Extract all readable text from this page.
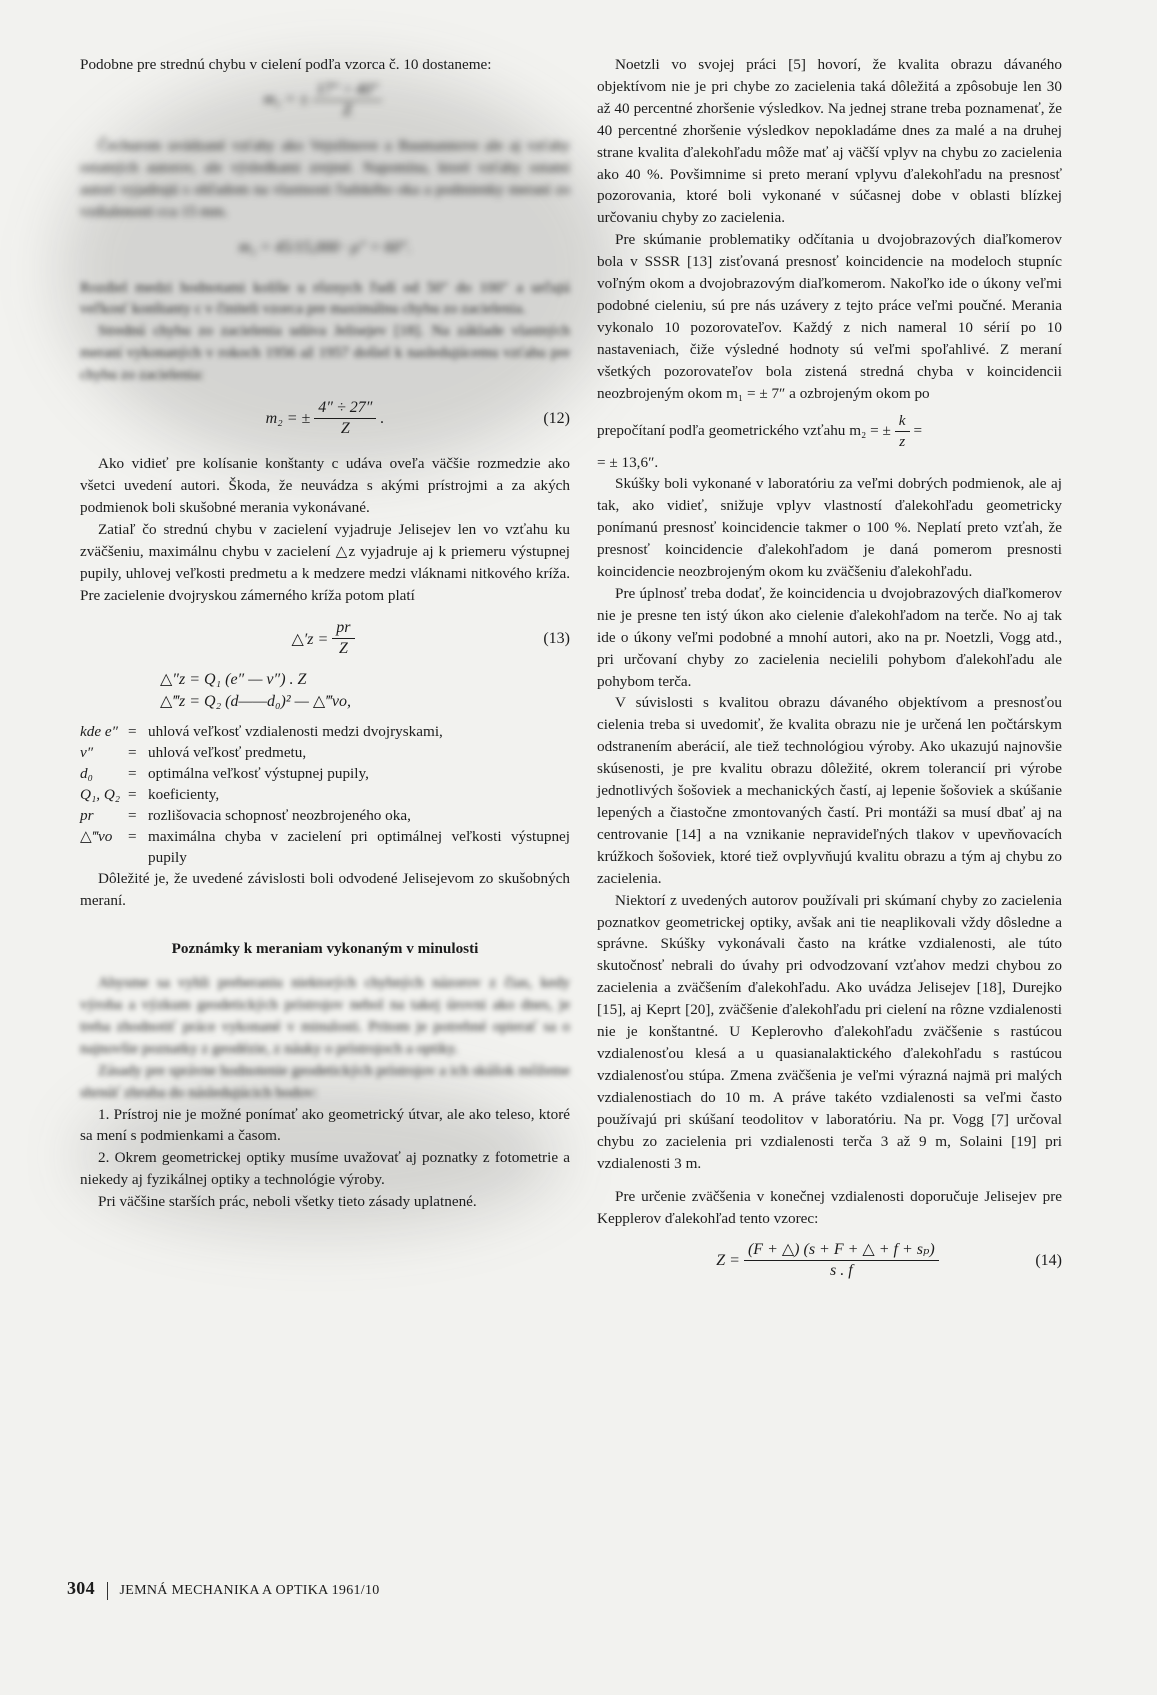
Podobne pre strednú chybu v cielení podľa vzorca č. 10 dostaneme:

m₂ = ± $\frac{17'' \div 40''}{Z}$

Čechurom uvádzané vzťahy ako Vejsilinove a Baumannove ale aj vzťahy ostatných autorov, ale výsledkami zrejmé. Napomína, ktoré vzťahy ostatní autori vyjadrujú s ohľadom na vlastnosti ľudského oka a podmienky meraní zo vzdialenosti cca 15 mm.

m₂ = 45/15,000 · ρ″ = 60″.

Rozdiel medzi hodnotami kolíše u rôznych ľudí od 50″ do 100″ a určujú veľkosť konštanty c v činiteli vzorca pre maximálnu chybu zo zacielenia.

Strednú chybu zo zacielenia udáva Jelisejev [18]. Na základe vlastných meraní vykonaných v rokoch 1956 až 1957 došiel k nasledujúcemu vzťahu pre chybu zo zacielenia:

m₂ = ± $\frac{4'' \div 27''}{Z}$ .	(12)

Ako vidieť pre kolísanie konštanty c udáva oveľa väčšie rozmedzie ako všetci uvedení autori. Škoda, že neuvádza s akými prístrojmi a za akých podmienok boli skušobné merania vykonávané.

Zatiaľ čo strednú chybu v zacielení vyjadruje Jelisejev len vo vzťahu ku zväčšeniu, maximálnu chybu v zacielení △z vyjadruje aj k priemeru výstupnej pupily, uhlovej veľkosti predmetu a k medzere medzi vláknami nitkového kríža. Pre zacielenie dvojryskou zámerného kríža potom platí

△′z = $\frac{pr}{Z}$	(13)
△″z = Q₁ (e″ — v″) . Z
△‴z = Q₂ (d——d₀)² — △‴vo,
kde e″ = uhlová veľkosť vzdialenosti medzi dvojryskami,
v″	= uhlová veľkosť predmetu,
d₀	= optimálna veľkosť výstupnej pupily,
Q₁, Q₂ = koeficienty,
pr	= rozlišovacia schopnosť neozbrojeného oka,
△‴vo	= maximálna chyba v zacielení pri optimálnej veľkosti výstupnej pupily

Dôležité je, že uvedené závislosti boli odvodené Jelisejevom zo skušobných meraní.

Poznámky k meraniam vykonaným v minulosti

Abysme sa vyhli preberaniu niektorých chybných názorov z čias, kedy výroba a výzkum geodetických prístrojov nebol na takej úrovni ako dnes, je treba zhodnotiť práce vykonané v minulosti. Pritom je potrebné opierať sa o najnovšie poznatky z geodézie, z náuky o prístrojoch a optiky.

Zásady pre správne hodnotenie geodetických prístrojov a ich skúšok môžeme shrnúť zhruba do následujúcich bodov:

1. Prístroj nie je možné ponímať ako geometrický útvar, ale ako teleso, ktoré sa mení s podmienkami a časom.

2. Okrem geometrickej optiky musíme uvažovať aj poznatky z fotometrie a niekedy aj fyzikálnej optiky a technológie výroby.

Pri väčšine starších prác, neboli všetky tieto zásady uplatnené.

Noetzli vo svojej práci [5] hovorí, že kvalita obrazu dávaného objektívom nie je pri chybe zo zacielenia taká dôležitá a zpôsobuje len 30 až 40 percentné zhoršenie výsledkov. Na jednej strane treba poznamenať, že 40 percentné zhoršenie výsledkov nepokladáme dnes za malé a na druhej strane kvalita ďalekohľadu môže mať aj väčší vplyv na chybu zo zacielenia ako 40 %. Povšimnime si preto meraní vplyvu ďalekohľadu na presnosť pozorovania, ktoré boli vykonané v súčasnej dobe v oblasti blízkej určovaniu chyby zo zacielenia.

Pre skúmanie problematiky odčítania u dvojobrazových diaľkomerov bola v SSSR [13] zisťovaná presnosť koincidencie na modeloch stupníc voľným okom a dvojobrazovým diaľkomerom. Nakoľko ide o úkony veľmi podobné cieleniu, sú pre nás uzávery z tejto práce veľmi poučné. Merania vykonalo 10 pozorovateľov. Každý z nich nameral 10 sérií po 10 nastaveniach, čiže výsledné hodnoty sú veľmi spoľahlivé. Z meraní všetkých pozorovateľov bola zistená stredná chyba v koincidencii neozbrojeným okom m₁ = ± 7″ a ozbrojeným okom po

prepočítaní podľa geometrického vzťahu m₂ = ± $\frac{k}{z}$ =

= ± 13,6″.

Skúšky boli vykonané v laboratóriu za veľmi dobrých podmienok, ale aj tak, ako vidieť, snižuje vplyv vlastností ďalekohľadu geometricky ponímanú presnosť koincidencie takmer o 100 %. Neplatí preto vzťah, že presnosť koincidencie ďalekohľadom je daná pomerom presnosti koincidencie neozbrojeným okom ku zväčšeniu ďalekohľadu.

Pre úplnosť treba dodať, že koincidencia u dvojobrazových diaľkomerov nie je presne ten istý úkon ako cielenie ďalekohľadom na terče. No aj tak ide o úkony veľmi podobné a mnohí autori, ako na pr. Noetzli, Vogg atd., pri určovaní chyby zo zacielenia necielili pohybom ďalekohľadu ale pohybom terča.

V súvislosti s kvalitou obrazu dávaného objektívom a presnosťou cielenia treba si uvedomiť, že kvalita obrazu nie je určená len počtárskym odstranením aberácií, ale tiež technológiou výroby. Ako ukazujú najnovšie skúsenosti, je pre kvalitu obrazu dôležité, okrem tolerancií pri výrobe jednotlivých šošoviek a mechanických častí, aj lepenie šošoviek a skúšanie lepených a čiastočne zmontovaných častí. Pri montáži sa musí dbať aj na centrovanie [14] a na vznikanie nepravideľných tlakov v upevňovacích krúžkoch šošoviek, ktoré tiež ovplyvňujú kvalitu obrazu a tým aj chybu zo zacielenia.

Niektorí z uvedených autorov používali pri skúmaní chyby zo zacielenia poznatkov geometrickej optiky, avšak ani tie neaplikovali vždy dôsledne a správne. Skúšky vykonávali často na krátke vzdialenosti, ale túto skutočnosť nebrali do úvahy pri odvodzovaní vzťahov medzi chybou zo zacielenia a zväčšením ďalekohľadu. Ako uvádza Jelisejev [18], Durejko [15], aj Keprt [20], zväčšenie ďalekohľadu pri cielení na rôzne vzdialenosti nie je konštantné. U Keplerovho ďalekohľadu zväčšenie s rastúcou vzdialenosťou klesá a u quasianalaktického ďalekohľadu s rastúcou vzdialenosťou stúpa. Zmena zväčšenia je veľmi výrazná najmä pri malých vzdialenostiach do 10 m. A práve takéto vzdialenosti sa veľmi často používajú pri skúšaní teodolitov v laboratóriu. Na pr. Vogg [7] určoval chybu zo zacielenia pri vzdialenosti terča 3 až 9 m, Solaini [19] pri vzdialenosti 3 m.

Pre určenie zväčšenia v konečnej vzdialenosti doporučuje Jelisejev pre Kepplerov ďalekohľad tento vzorec:

$Z = \frac{\text{(F + △) (s + F + △ + f + sₚ)}}{s . f}$	(14)
304 JEMNÁ MECHANIKA A OPTIKA 1961/10
